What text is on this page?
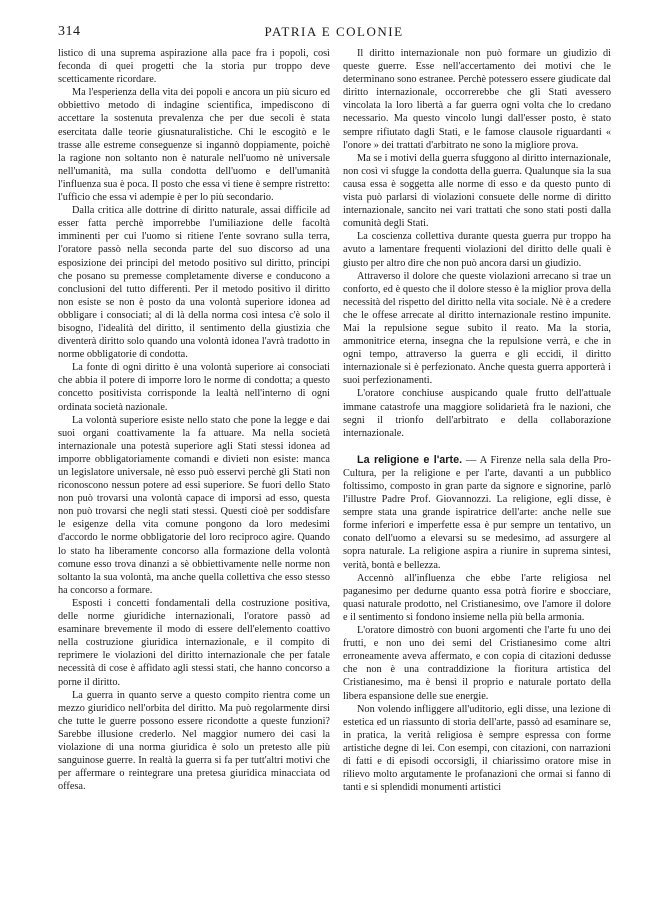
314	PATRIA E COLONIE

listico di una suprema aspirazione alla pace fra i popoli, così feconda di quei progetti che la storia pur troppo deve scetticamente ricordare.

Ma l'esperienza della vita dei popoli e ancora un più sicuro ed obbiettivo metodo di indagine scientifica, impediscono di accettare la sostenuta prevalenza che per due secoli è stata esercitata dalle teorie giusnaturalistiche. Chi le escogitò e le trasse alle estreme conseguenze si ingannò doppiamente, poichè la ragione non soltanto non è naturale nell'uomo nè universale nell'umanità, ma sulla condotta dell'uomo e dell'umanità l'influenza sua è poca. Il posto che essa vi tiene è sempre ristretto: l'ufficio che essa vi adempie è per lo più secondario.

Dalla critica alle dottrine di diritto naturale, assai difficile ad esser fatta perchè imporrebbe l'umiliazione delle facoltà imminenti per cui l'uomo si ritiene l'ente sovrano sulla terra, l'oratore passò nella seconda parte del suo discorso ad una esposizione dei principi del metodo positivo sul diritto, principi che posano su premesse completamente diverse e conducono a conclusioni del tutto differenti. Per il metodo positivo il diritto non esiste se non è posto da una volontà superiore idonea ad obbligare i consociati; al di là della norma così intesa c'è solo il bisogno, l'idealità del diritto, il sentimento della giustizia che diventerà diritto solo quando una volontà idonea l'avrà tradotto in norme obbligatorie di condotta.

La fonte di ogni diritto è una volontà superiore ai consociati che abbia il potere di imporre loro le norme di condotta; a questo concetto positivista corrisponde la lealtà nell'interno di ogni ordinata società nazionale.

La volontà superiore esiste nello stato che pone la legge e dai suoi organi coattivamente la fa attuare. Ma nella società internazionale una potestà superiore agli Stati stessi idonea ad imporre obbligatoriamente comandi e divieti non esiste: manca un legislatore universale, nè esso può esservi perchè gli Stati non riconoscono nessun potere ad essi superiore. Se fuori dello Stato non può trovarsi una volontà capace di imporsi ad esso, questa non può trovarsi che negli stati stessi. Questi cioè per soddisfare le esigenze della vita comune pongono da loro medesimi d'accordo le norme obbligatorie del loro reciproco agire. Quando lo stato ha liberamente concorso alla formazione della volontà comune esso trova dinanzi a sè obbiettivamente nelle norme non soltanto la sua volontà, ma anche quella collettiva che esso stesso ha concorso a formare.

Esposti i concetti fondamentali della costruzione positiva, delle norme giuridiche internazionali, l'oratore passò ad esaminare brevemente il modo di essere dell'elemento coattivo nella costruzione giuridica internazionale, e il compito di reprimere le violazioni del diritto internazionale che per fatale necessità di cose è affidato agli stessi stati, che hanno concorso a porne il diritto.

La guerra in quanto serve a questo compito rientra come un mezzo giuridico nell'orbita del diritto. Ma può regolarmente dirsi che tutte le guerre possono essere ricondotte a queste funzioni? Sarebbe illusione crederlo. Nel maggior numero dei casi la violazione di una norma giuridica è solo un pretesto alle più sanguinose guerre. In realtà la guerra si fa per tutt'altri motivi che per affermare o reintegrare una pretesa giuridica minacciata od offesa.

Il diritto internazionale non può formare un giudizio di queste guerre. Esse nell'accertamento dei motivi che le determinano sono estranee. Perchè potessero essere giudicate dal diritto internazionale, occorrerebbe che gli Stati avessero vincolata la loro libertà a far guerra ogni volta che lo credano necessario. Ma questo vincolo lungi dall'esser posto, è stato sempre rifiutato dagli Stati, e le famose clausole riguardanti « l'onore » dei trattati d'arbitrato ne sono la migliore prova.

Ma se i motivi della guerra sfuggono al diritto internazionale, non così vi sfugge la condotta della guerra. Qualunque sia la sua causa essa è soggetta alle norme di esso e da questo punto di vista può parlarsi di violazioni consuete delle norme di diritto internazionale, sancito nei vari trattati che sono stati posti dalla comunità degli Stati.

La coscienza collettiva durante questa guerra pur troppo ha avuto a lamentare frequenti violazioni del diritto delle quali è giusto per altro dire che non può ancora darsi un giudizio.

Attraverso il dolore che queste violazioni arrecano si trae un conforto, ed è questo che il dolore stesso è la miglior prova della necessità del rispetto del diritto nella vita sociale. Nè è a credere che le offese arrecate al diritto internazionale restino impunite. Mai la repulsione segue subito il reato. Ma la storia, ammonitrice eterna, insegna che la repulsione verrà, e che in ogni tempo, attraverso la guerra e gli eccidi, il diritto internazionale si è perfezionato. Anche questa guerra apporterà i suoi perfezionamenti.

L'oratore conchiuse auspicando quale frutto dell'attuale immane catastrofe una maggiore solidarietà fra le nazioni, che segni il trionfo dell'arbitrato e della collaborazione internazionale.

La religione e l'arte. — A Firenze nella sala della Pro-Cultura, per la religione e per l'arte, davanti a un pubblico foltissimo, composto in gran parte da signore e signorine, parlò l'illustre Padre Prof. Giovannozzi. La religione, egli disse, è sempre stata una grande ispiratrice dell'arte: anche nelle sue forme inferiori e imperfette essa è pur sempre un tentativo, un conato dell'uomo a elevarsi su se medesimo, ad assurgere al sopra naturale. La religione aspira a riunire in suprema sintesi, verità, bontà e bellezza.

Accennò all'influenza che ebbe l'arte religiosa nel paganesimo per dedurne quanto essa potrà fiorire e sbocciare, quasi naturale prodotto, nel Cristianesimo, ove l'amore il dolore e il sentimento si fondono insieme nella più bella armonia.

L'oratore dimostrò con buoni argomenti che l'arte fu uno dei frutti, e non uno dei semi del Cristianesimo come altri erroneamente aveva affermato, e con copia di citazioni dedusse che non è una contraddizione la fioritura artistica del Cristianesimo, ma è bensì il proprio e naturale portato della libera espansione delle sue energie.

Non volendo infliggere all'uditorio, egli disse, una lezione di estetica ed un riassunto di storia dell'arte, passò ad esaminare se, in pratica, la verità religiosa è sempre espressa con forme artistiche degne di lei. Con esempi, con citazioni, con narrazioni di fatti e di episodi occorsigli, il chiarissimo oratore mise in rilievo molto argutamente le profanazioni che ormai si fanno di tanti e si splendidi monumenti artistici
